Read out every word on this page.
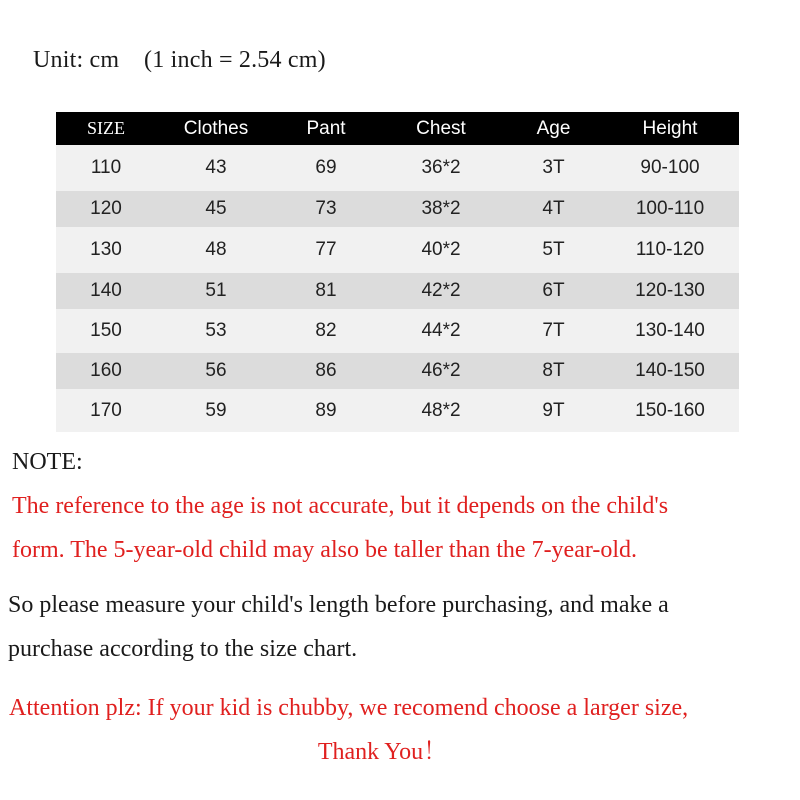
Unit: cm    (1 inch = 2.54 cm)
SIZE	Clothes	Pant	Chest	Age	Height
110	43	69	36*2	3T	90-100
120	45	73	38*2	4T	100-110
130	48	77	40*2	5T	110-120
140	51	81	42*2	6T	120-130
150	53	82	44*2	7T	130-140
160	56	86	46*2	8T	140-150
170	59	89	48*2	9T	150-160
NOTE:
The reference to the age is not accurate, but it depends on the child's
form. The 5-year-old child may also be taller than the 7-year-old.
So please measure your child's length before purchasing, and make a
purchase according to the size chart.
Attention plz: If your kid is chubby, we recomend choose a larger size,
Thank You！
